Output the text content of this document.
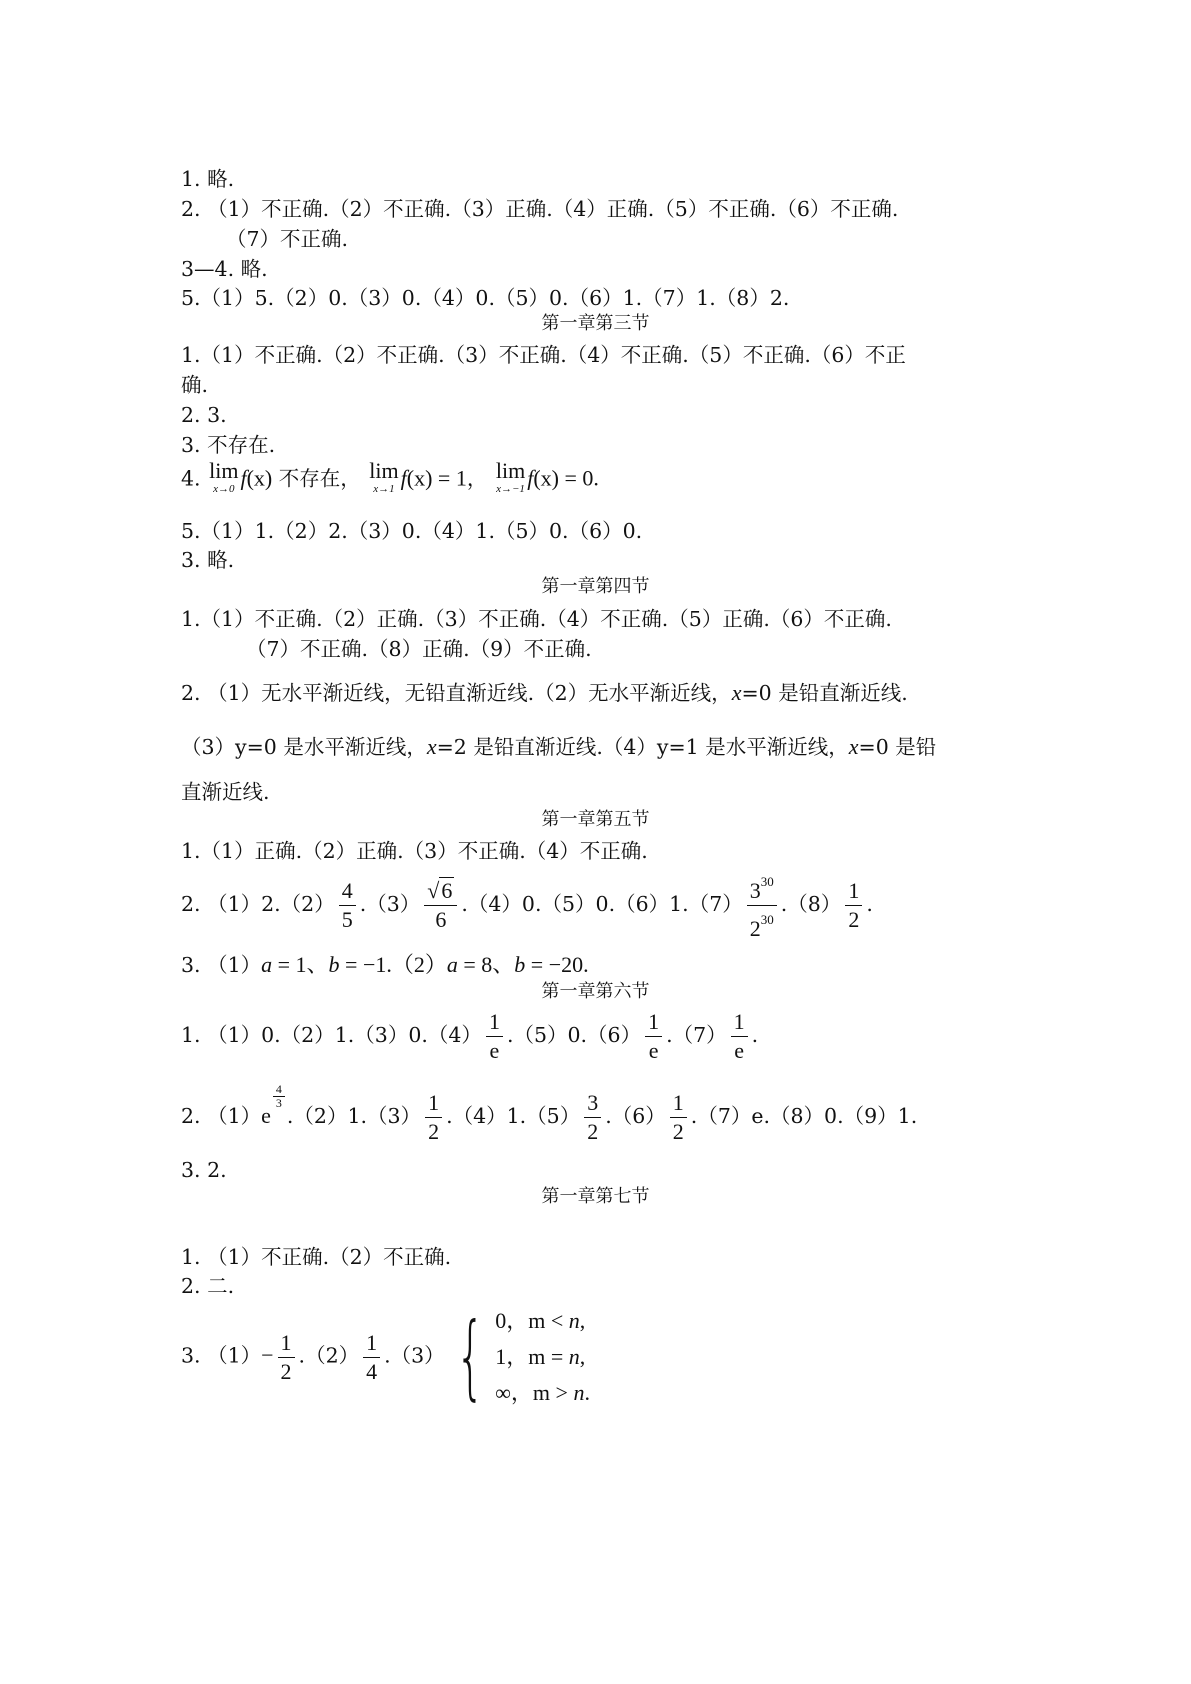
1. 略.
2. （1）不正确.（2）不正确.（3）正确.（4）正确.（5）不正确.（6）不正确.
（7）不正确.
3—4. 略.
5.（1）5.（2）0.（3）0.（4）0.（5）0.（6）1.（7）1.（8）2.
第一章第三节
1.（1）不正确.（2）不正确.（3）不正确.（4）不正确.（5）不正确.（6）不正
确.
2. 3.
3. 不存在.
4. lim
x→0 f(x) 不存在， lim
x→1 f(x) = 1， lim
x→−1 f(x) = 0.
5.（1）1.（2）2.（3）0.（4）1.（5）0.（6）0.
3. 略.
第一章第四节
1.（1）不正确.（2）正确.（3）不正确.（4）不正确.（5）正确.（6）不正确.
（7）不正确.（8）正确.（9）不正确.
2. （1）无水平渐近线，无铅直渐近线.（2）无水平渐近线，x=0 是铅直渐近线.
（3）y=0 是水平渐近线，x=2 是铅直渐近线.（4）y=1 是水平渐近线，x=0 是铅
直渐近线.
第一章第五节
1.（1）正确.（2）正确.（3）不正确.（4）不正确.
2. $(1)2.(2) \frac{4}{5} .(3) \frac{√6}{6} .(4)0.(5)0.(6)1.(7) \frac{3^{30}}{2^{30}} .(8) \frac{1}{2}$ .
3. （1）a = 1、b = −1.（2）a = 8、b = −20.
第一章第六节
1. $(1)0.(2)1.(3)0.(4) \frac{1}{e} .(5)0.(6) \frac{1}{e} .(7) \frac{1}{e}$ .
2. （1）e
$\frac{4}{3}$
$.(2)1.(3) \frac{1}{2} .(4)1.(5) \frac{3}{2} .(6) \frac{1}{2} .(7)e.(8)0.(9)1$.
3. 2.
第一章第七节
1. （1）不正确.（2）不正确.
2. 二.
3. $(1)- \frac{1}{2} .(2) \frac{1}{4} .(3)$ { 0，m < n,
1，m = n,
∞，m > n.
